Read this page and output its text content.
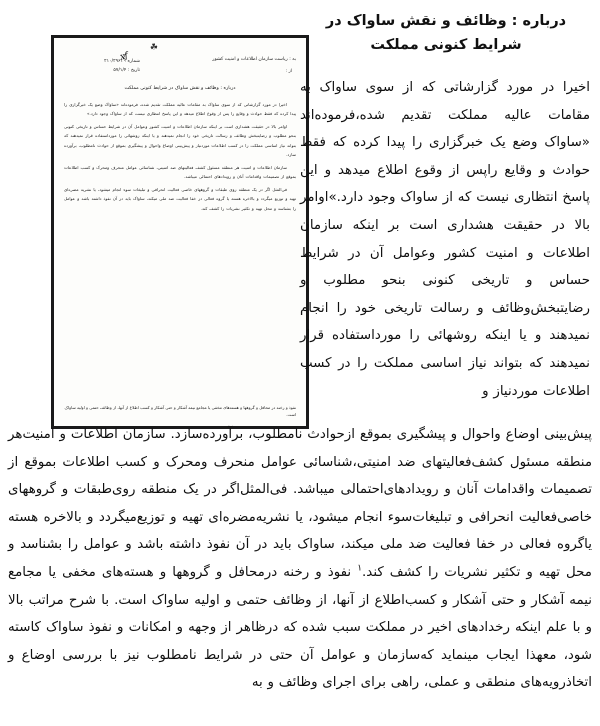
درباره : وظائف و نقش ساواک در
شرایط کنونی مملکت
☘
به : ریاست سازمان اطلاعات و امنیت کشور
x⁄ƒ
از :
شماره : ۲۱۰/۲۹۶۱
تاریخ : ۵۷/۱/۴
درباره : وظائف و نقش ساواک در شرایط کنونی مملکت

اخیرا در مورد گزارشاتی که از سوی ساواک به مقامات عالیه مملکت تقدیم شده، فرموده‌اند «ساواک وضع یک خبرگزاری را پیدا کرده که فقط حوادث و وقایع را پس از وقوع اطلاع میدهد و این پاسخ انتظاری نیست که از ساواک وجود دارد.»

اوامر بالا در حقیقت هشداری است بر اینکه سازمان اطلاعات و امنیت کشور وعوامل آن در شرایط حساس و تاریخی کنونی بنحو مطلوب و رضایتبخش وظائف و رسالت تاریخی خود را انجام نمیدهند و یا اینکه روشهائی را مورداستفاده قرار نمیدهند که بتواند نیاز اساسی مملکت را در کسب اطلاعات موردنیاز و پیش‌بینی اوضاع واحوال و پیشگیری بموقع از حوادث نامطلوب، برآورده سازد.

سازمان اطلاعات و امنیت هر منطقه مسئول کشف فعالیتهای ضد امنیتی، شناسائی عوامل منحرف ومحرک و کسب اطلاعات بموقع از تصمیمات واقدامات آنان و رویدادهای احتمالی میباشد.

فی‌المثل اگر در یک منطقه روی طبقات و گروههای خاصی فعالیت انحرافی و تبلیغات سوء انجام میشود، یا نشریه مضره‌ای تهیه و توزیع میگردد و بالاخره هسته یا گروه فعالی در خفا فعالیت ضد ملی میکند، ساواک باید در آن نفوذ داشته باشد و عوامل را بشناسد و محل تهیه و تکثیر نشریات را کشف کند.

نفوذ و رخنه در محافل و گروهها و هسته‌های مخفی یا مجامع نیمه آشکار و حتی آشکار و کسب اطلاع از آنها، از وظائف حتمی و اولیه ساواک است.
اخیرا در مورد گزارشاتی که از سوی ساواک به مقامات عالیه مملکت تقدیم شده،فرموده‌اند «ساواک وضع یک خبرگزاری را پیدا کرده که فقط حوادث و وقایع راپس از وقوع اطلاع میدهد و این پاسخ انتظاری نیست که از ساواک وجود دارد.»اوامر بالا در حقیقت هشداری است بر اینکه سازمان اطلاعات و امنیت کشور وعوامل آن در شرایط حساس و تاریخی کنونی بنحو مطلوب و رضایتبخش‌وظائف و رسالت تاریخی خود را انجام نمیدهند و یا اینکه روشهائی را مورداستفاده قرار نمیدهند که بتواند نیاز اساسی مملکت را در کسب اطلاعات موردنیاز و
پیش‌بینی اوضاع واحوال و پیشگیری بموقع ازحوادث نامطلوب، برآورده‌سازد. سازمان اطلاعات و امنیت‌هر منطقه مسئول کشف‌فعالیتهای ضد امنیتی،شناسائی عوامل منحرف ومحرک و کسب اطلاعات بموقع از تصمیمات واقدامات آنان و رویدادهای‌احتمالی میباشد. فی‌المثل‌اگر در یک منطقه روی‌طبقات و گروههای خاصی‌فعالیت انحرافی و تبلیغات‌سوء انجام میشود، یا نشریه‌مضره‌ای تهیه و توزیع‌میگردد و بالاخره هسته یاگروه فعالی در خفا فعالیت ضد ملی میکند، ساواک باید در آن نفوذ داشته باشد و عوامل را بشناسد و محل تهیه و تکثیر نشریات را کشف کند.$^۱$ نفوذ و رخنه درمحافل و گروهها و هسته‌های مخفی یا مجامع نیمه آشکار و حتی آشکار و کسب‌اطلاع از آنها، از وظائف حتمی و اولیه ساواک است. با شرح مراتب بالا و با علم اینکه رخدادهای اخیر در مملکت سبب شده که درظاهر از وجهه و امکانات و نفوذ ساواک کاسته شود، معهذا ایجاب مینماید که‌سازمان و عوامل آن حتی در شرایط نامطلوب نیز با بررسی اوضاع و اتخاذرویه‌های منطقی و عملی، راهی برای اجرای وظائف و به
